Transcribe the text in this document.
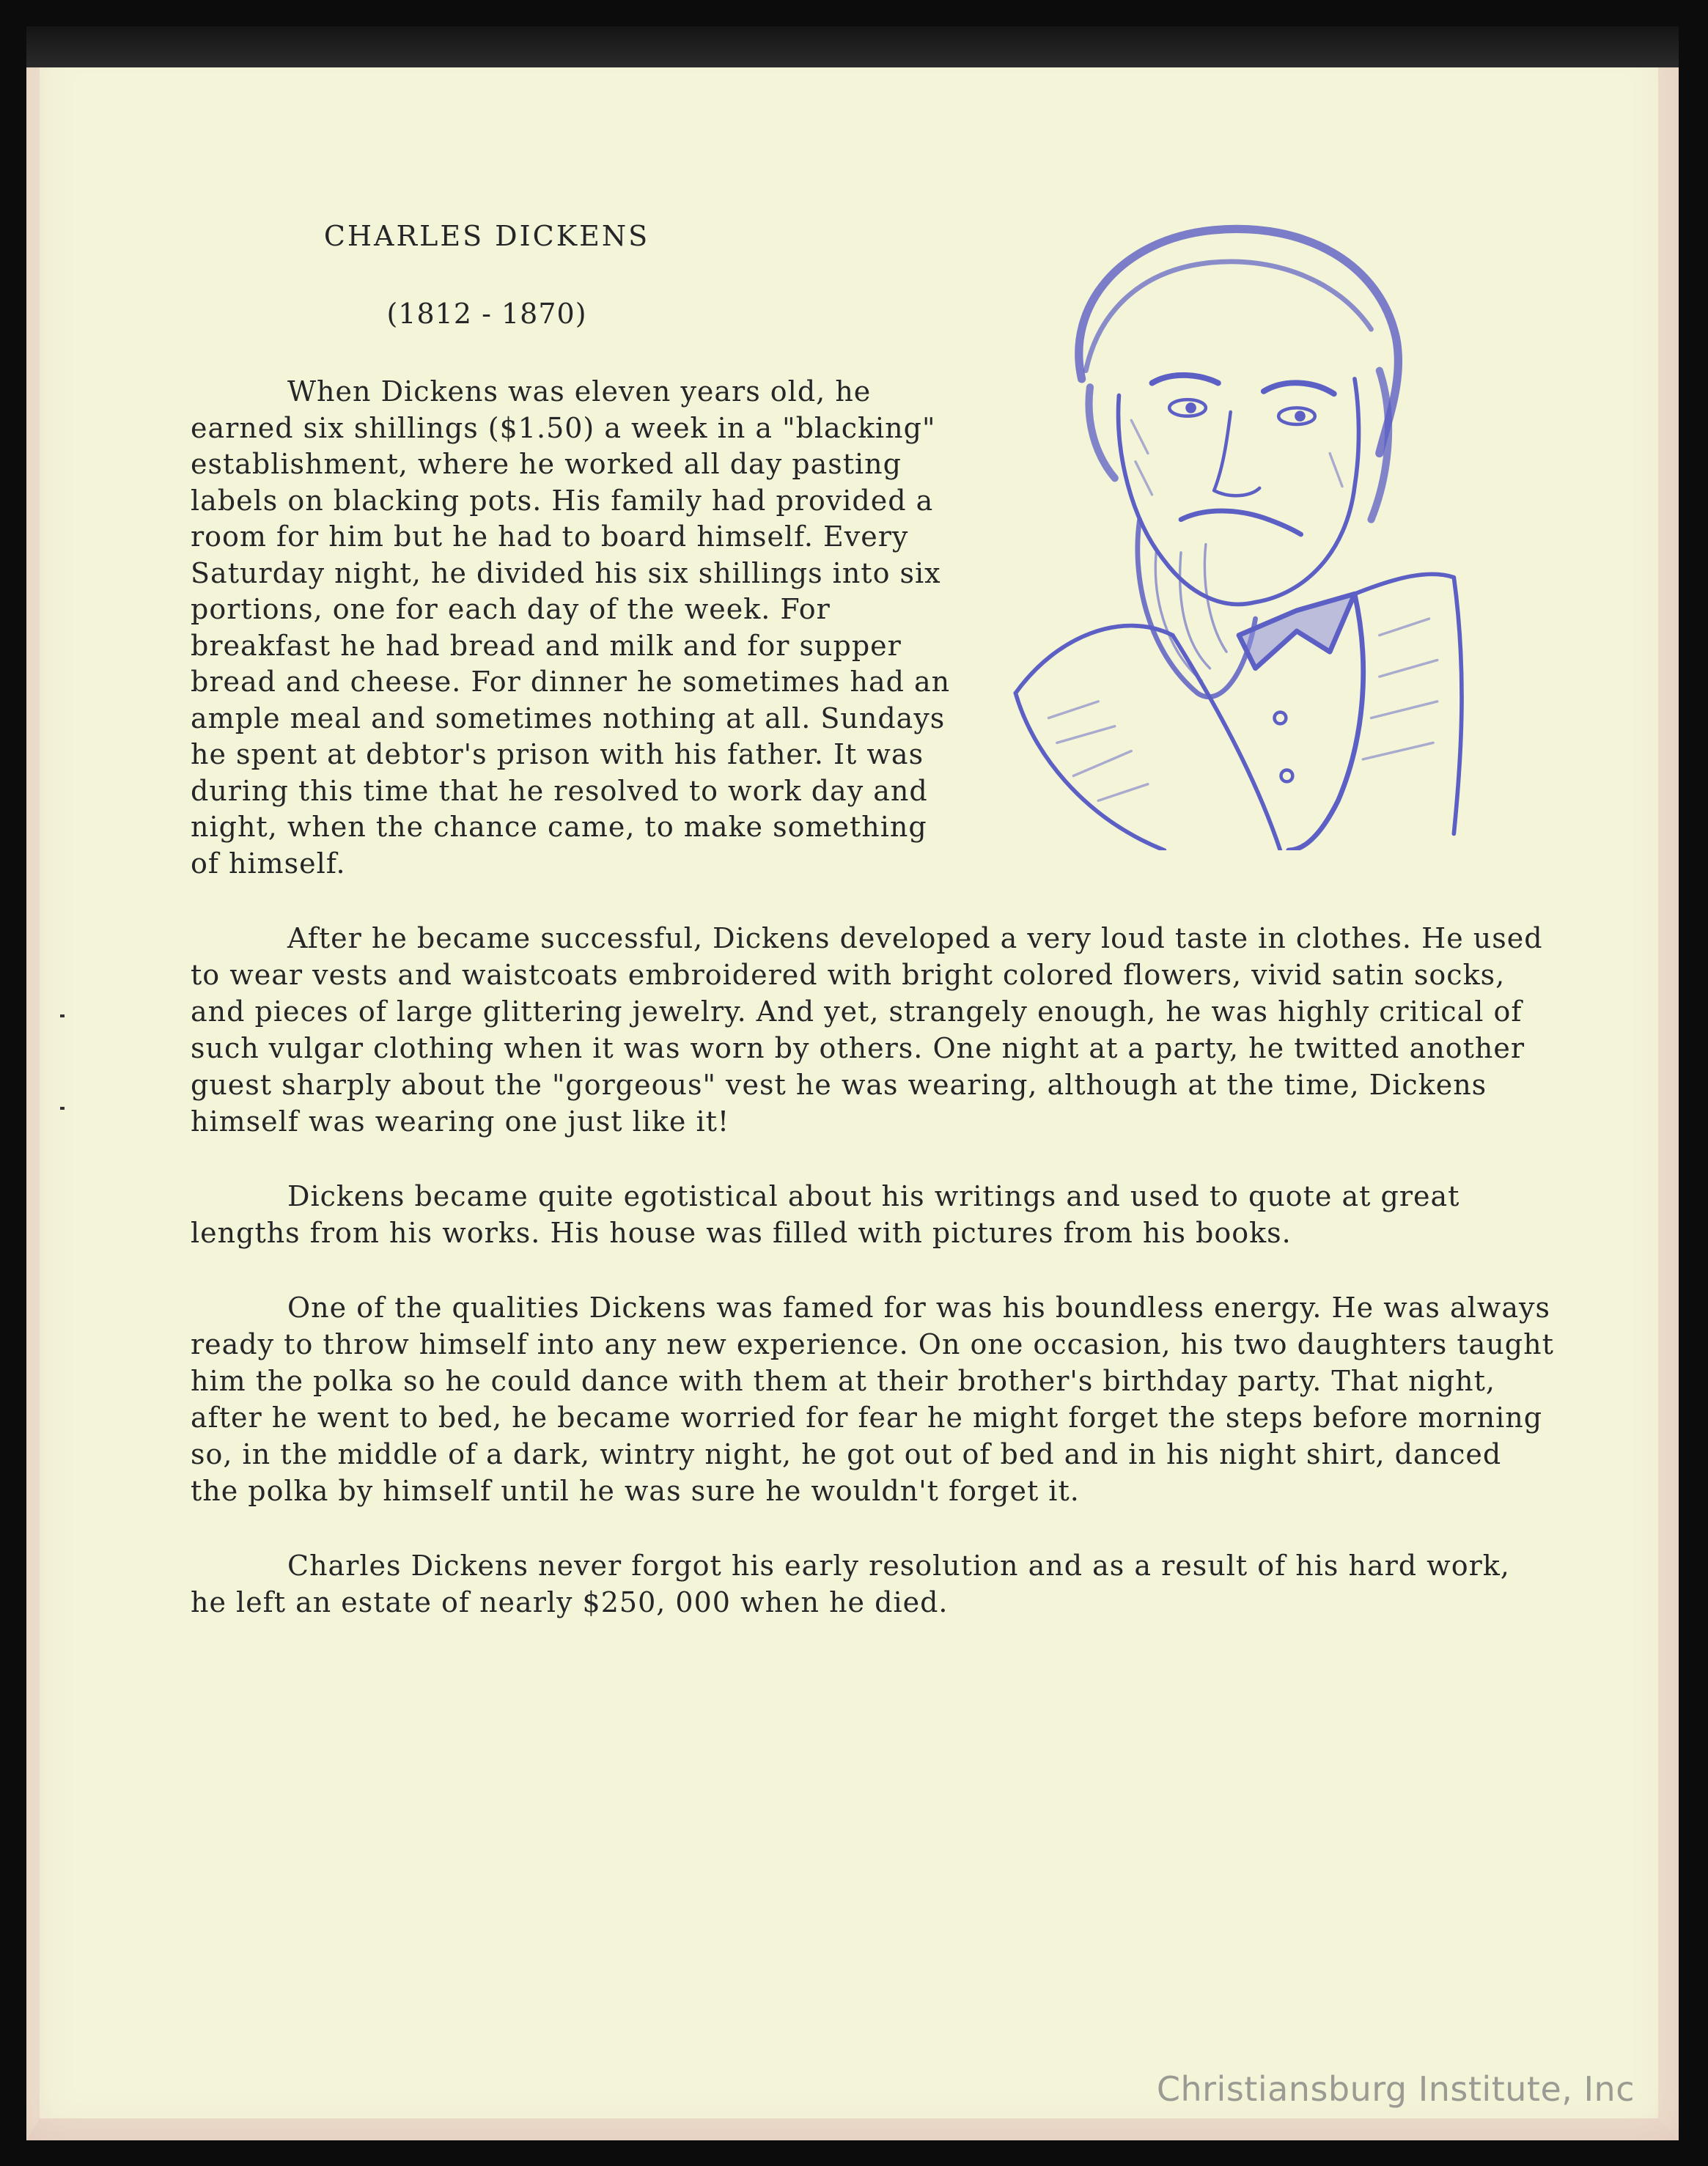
CHARLES DICKENS

(1812 - 1870)

When Dickens was eleven years old, he earned six shillings ($1.50) a week in a "blacking" establishment, where he worked all day pasting labels on blacking pots. His family had provided a room for him but he had to board himself. Every Saturday night, he divided his six shillings into six portions, one for each day of the week. For breakfast he had bread and milk and for supper bread and cheese. For dinner he sometimes had an ample meal and sometimes nothing at all. Sundays he spent at debtor's prison with his father. It was during this time that he resolved to work day and night, when the chance came, to make something of himself.

After he became successful, Dickens developed a very loud taste in clothes. He used to wear vests and waistcoats embroidered with bright colored flowers, vivid satin socks, and pieces of large glittering jewelry. And yet, strangely enough, he was highly critical of such vulgar clothing when it was worn by others. One night at a party, he twitted another guest sharply about the "gorgeous" vest he was wearing, although at the time, Dickens himself was wearing one just like it!

Dickens became quite egotistical about his writings and used to quote at great lengths from his works. His house was filled with pictures from his books.

One of the qualities Dickens was famed for was his boundless energy. He was always ready to throw himself into any new experience. On one occasion, his two daughters taught him the polka so he could dance with them at their brother's birthday party. That night, after he went to bed, he became worried for fear he might forget the steps before morning so, in the middle of a dark, wintry night, he got out of bed and in his night shirt, danced the polka by himself until he was sure he wouldn't forget it.

Charles Dickens never forgot his early resolution and as a result of his hard work, he left an estate of nearly $250, 000 when he died.

Christiansburg Institute, Inc
